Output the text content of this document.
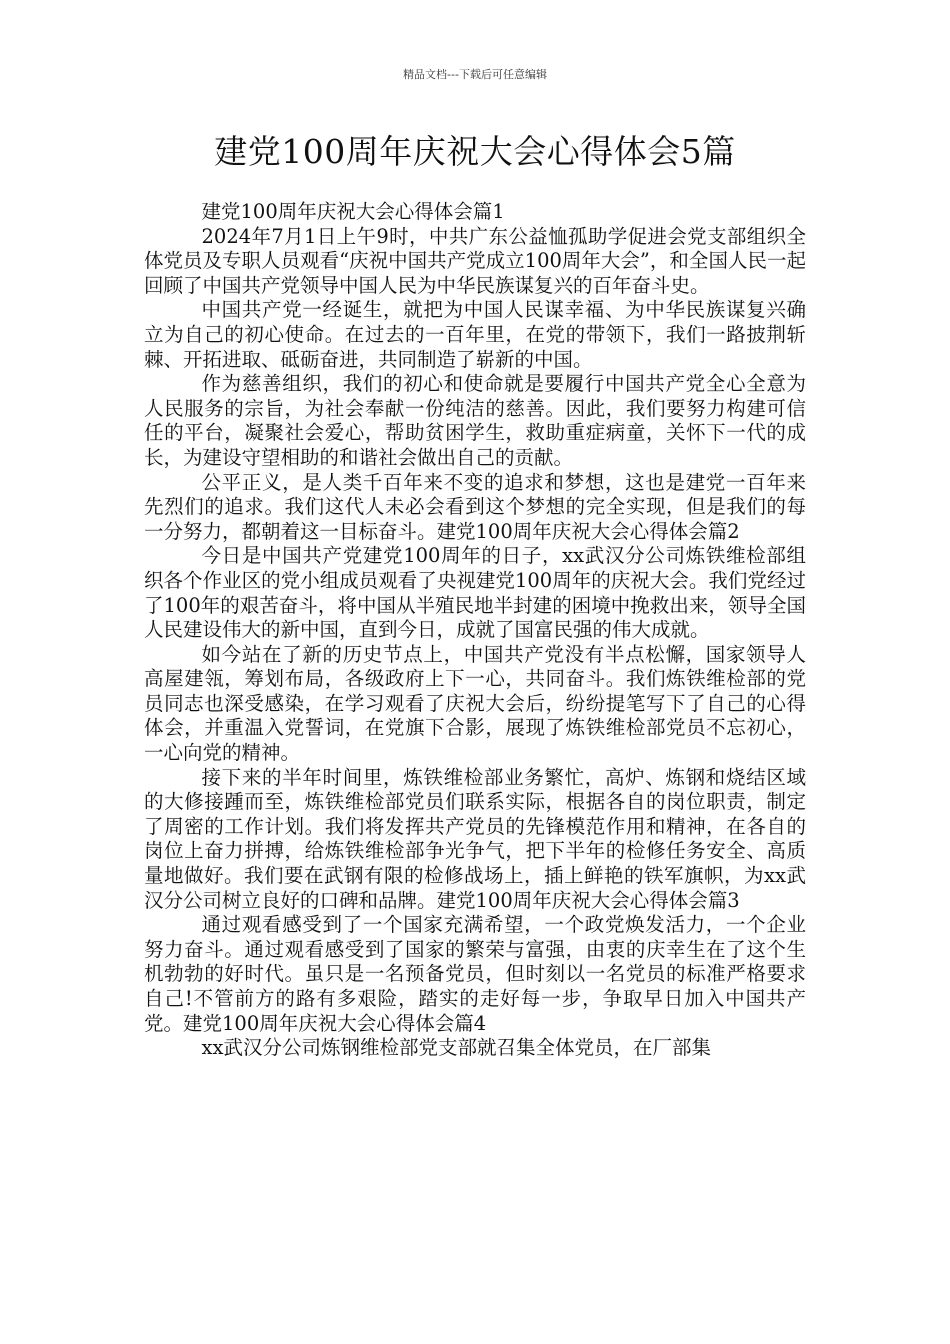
精品文档---下载后可任意编辑
建党100周年庆祝大会心得体会5篇

建党100周年庆祝大会心得体会篇1

2024年7月1日上午9时，中共广东公益恤孤助学促进会党支部组织全体党员及专职人员观看“庆祝中国共产党成立100周年大会”，和全国人民一起回顾了中国共产党领导中国人民为中华民族谋复兴的百年奋斗史。

中国共产党一经诞生，就把为中国人民谋幸福、为中华民族谋复兴确立为自己的初心使命。在过去的一百年里，在党的带领下，我们一路披荆斩棘、开拓进取、砥砺奋进，共同制造了崭新的中国。

作为慈善组织，我们的初心和使命就是要履行中国共产党全心全意为人民服务的宗旨，为社会奉献一份纯洁的慈善。因此，我们要努力构建可信任的平台，凝聚社会爱心，帮助贫困学生，救助重症病童，关怀下一代的成长，为建设守望相助的和谐社会做出自己的贡献。

公平正义，是人类千百年来不变的追求和梦想，这也是建党一百年来先烈们的追求。我们这代人未必会看到这个梦想的完全实现，但是我们的每一分努力，都朝着这一目标奋斗。建党100周年庆祝大会心得体会篇2

今日是中国共产党建党100周年的日子，xx武汉分公司炼铁维检部组织各个作业区的党小组成员观看了央视建党100周年的庆祝大会。我们党经过了100年的艰苦奋斗，将中国从半殖民地半封建的困境中挽救出来，领导全国人民建设伟大的新中国，直到今日，成就了国富民强的伟大成就。

如今站在了新的历史节点上，中国共产党没有半点松懈，国家领导人高屋建瓴，筹划布局，各级政府上下一心，共同奋斗。我们炼铁维检部的党员同志也深受感染，在学习观看了庆祝大会后，纷纷提笔写下了自己的心得体会，并重温入党誓词，在党旗下合影，展现了炼铁维检部党员不忘初心，一心向党的精神。

接下来的半年时间里，炼铁维检部业务繁忙，高炉、炼钢和烧结区域的大修接踵而至，炼铁维检部党员们联系实际，根据各自的岗位职责，制定了周密的工作计划。我们将发挥共产党员的先锋模范作用和精神，在各自的岗位上奋力拼搏，给炼铁维检部争光争气，把下半年的检修任务安全、高质量地做好。我们要在武钢有限的检修战场上，插上鲜艳的铁军旗帜，为xx武汉分公司树立良好的口碑和品牌。建党100周年庆祝大会心得体会篇3

通过观看感受到了一个国家充满希望，一个政党焕发活力，一个企业努力奋斗。通过观看感受到了国家的繁荣与富强，由衷的庆幸生在了这个生机勃勃的好时代。虽只是一名预备党员，但时刻以一名党员的标准严格要求自己!不管前方的路有多艰险，踏实的走好每一步，争取早日加入中国共产党。建党100周年庆祝大会心得体会篇4

xx武汉分公司炼钢维检部党支部就召集全体党员，在厂部集
